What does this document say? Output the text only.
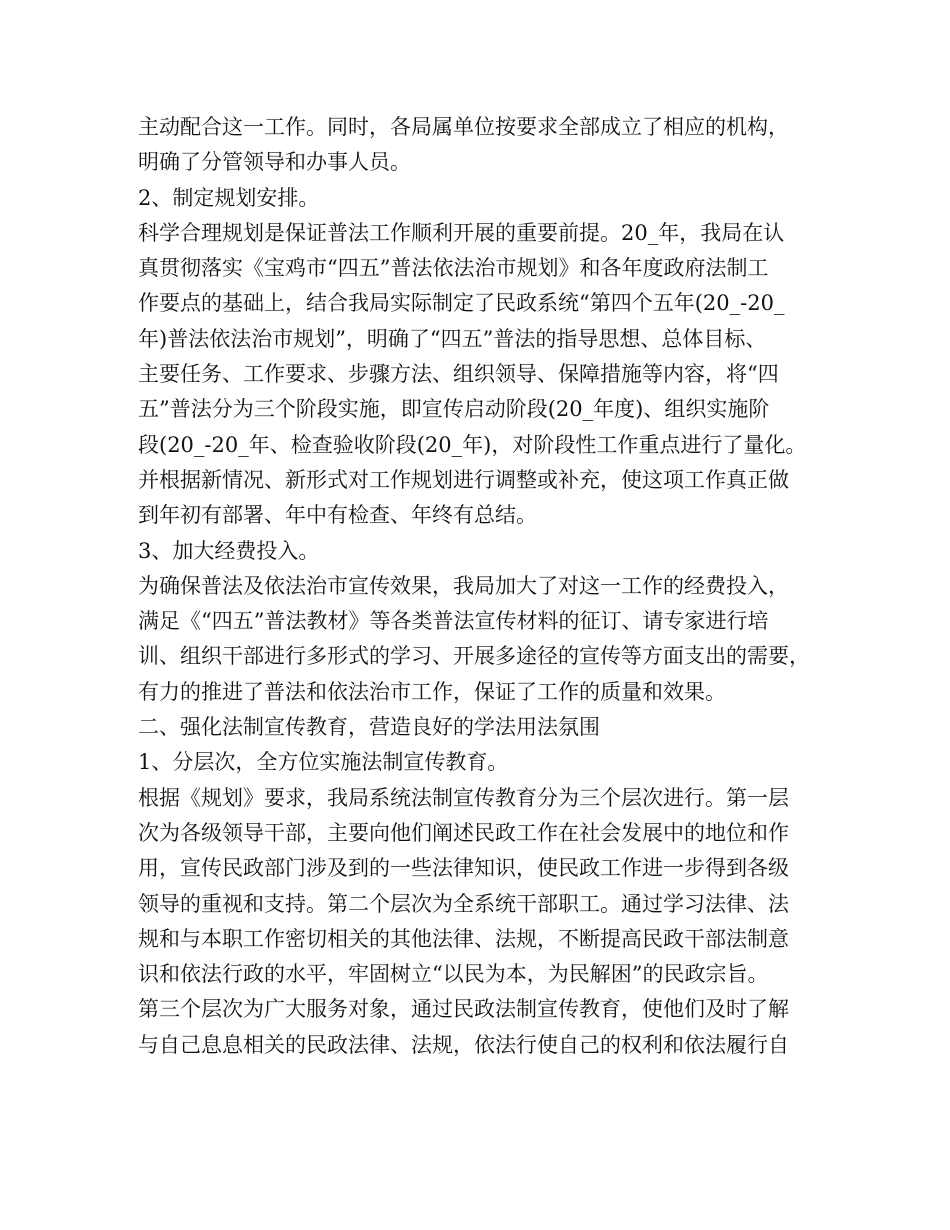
主动配合这一工作。同时，各局属单位按要求全部成立了相应的机构，
明确了分管领导和办事人员。
2、制定规划安排。
科学合理规划是保证普法工作顺利开展的重要前提。20_年，我局在认
真贯彻落实《宝鸡市“四五”普法依法治市规划》和各年度政府法制工
作要点的基础上，结合我局实际制定了民政系统“第四个五年(20_-20_
年)普法依法治市规划”，明确了“四五”普法的指导思想、总体目标、
主要任务、工作要求、步骤方法、组织领导、保障措施等内容，将“四
五”普法分为三个阶段实施，即宣传启动阶段(20_年度)、组织实施阶
段(20_-20_年、检查验收阶段(20_年)，对阶段性工作重点进行了量化。
并根据新情况、新形式对工作规划进行调整或补充，使这项工作真正做
到年初有部署、年中有检查、年终有总结。
3、加大经费投入。
为确保普法及依法治市宣传效果，我局加大了对这一工作的经费投入，
满足《“四五”普法教材》等各类普法宣传材料的征订、请专家进行培
训、组织干部进行多形式的学习、开展多途径的宣传等方面支出的需要，
有力的推进了普法和依法治市工作，保证了工作的质量和效果。
二、强化法制宣传教育，营造良好的学法用法氛围
1、分层次，全方位实施法制宣传教育。
根据《规划》要求，我局系统法制宣传教育分为三个层次进行。第一层
次为各级领导干部，主要向他们阐述民政工作在社会发展中的地位和作
用，宣传民政部门涉及到的一些法律知识，使民政工作进一步得到各级
领导的重视和支持。第二个层次为全系统干部职工。通过学习法律、法
规和与本职工作密切相关的其他法律、法规，不断提高民政干部法制意
识和依法行政的水平，牢固树立“以民为本，为民解困”的民政宗旨。
第三个层次为广大服务对象，通过民政法制宣传教育，使他们及时了解
与自己息息相关的民政法律、法规，依法行使自己的权利和依法履行自
